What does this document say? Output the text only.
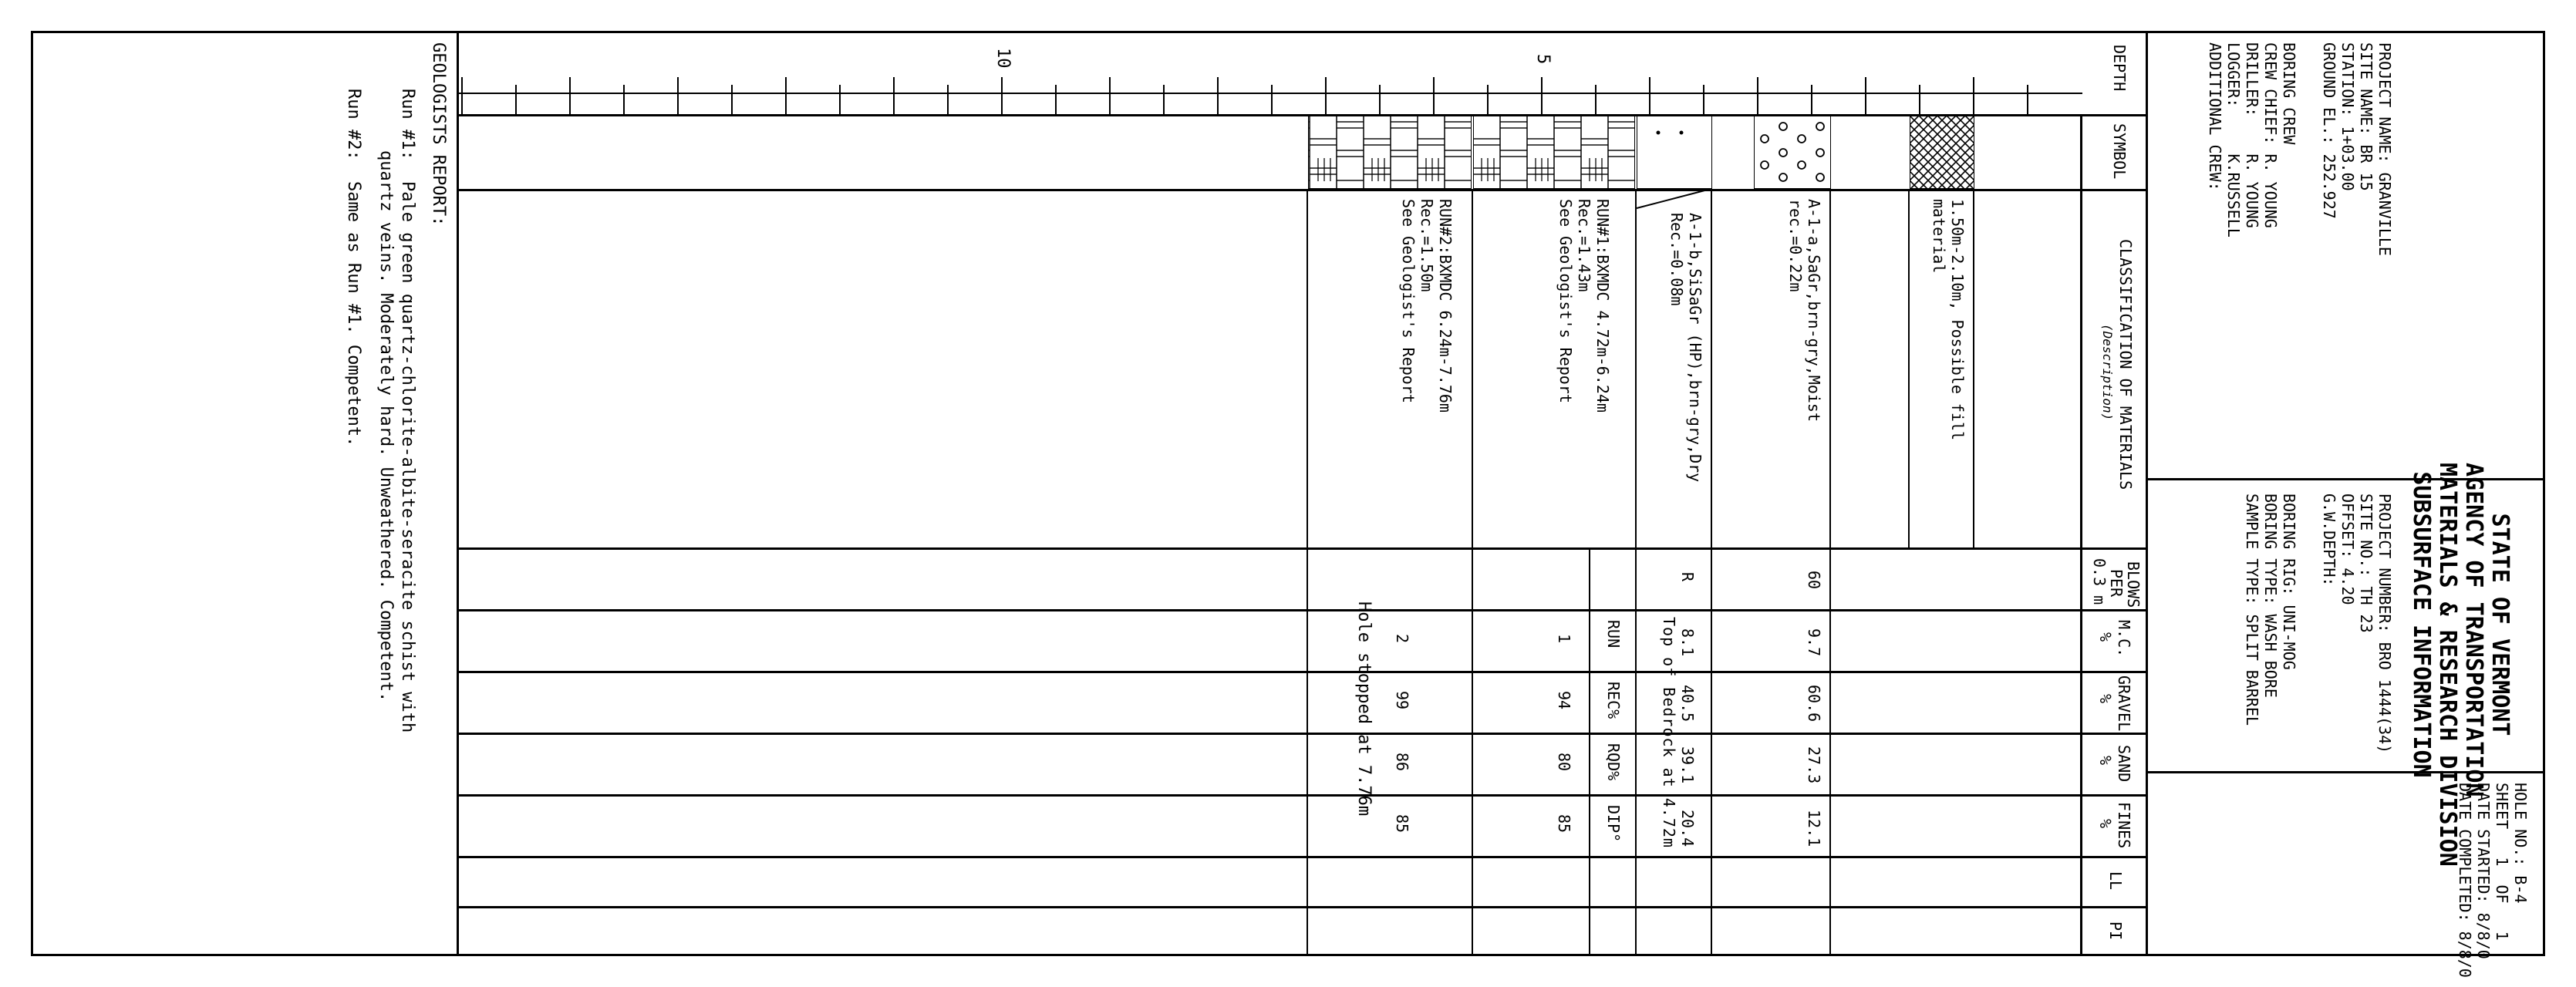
STATE OF VERMONT
AGENCY OF TRANSPORTATION
MATERIALS & RESEARCH DIVISION
SUBSURFACE INFORMATION
PROJECT NAME: GRANVILLE
SITE NAME: BR 15
STATION: 1+03.00
GROUND EL.: 252.927
BORING CREW
CREW CHIEF: R. YOUNG
DRILLER:    R. YOUNG
LOGGER:     K.RUSSELL
ADDITIONAL CREW:
HOLE NO.: B-4
SHEET   1  OF   1
DATE STARTED: 8/8/0
DATE COMPLETED: 8/8/0
PROJECT NUMBER: BRO 1444(34)
SITE NO.: TH 23
OFFSET: 4.20
G.W.DEPTH:
BORING RIG: UNI-MOG
BORING TYPE: WASH BORE
SAMPLE TYPE: SPLIT BARREL
DEPTH
SYMBOL
CLASSIFICATION OF MATERIALS
(Description)
BLOWS
PER
0.3 m
M.C.
%
GRAVEL
%
SAND
%
FINES
%
LL
PI
5
10
1.50m-2.10m, Possible fill
material
A-1-a,SaGr,brn-gry,Moist
rec.=0.22m
60
9.7
60.6
27.3
12.1
A-1-b,SiSaGr (HP),brn-gry,Dry
Rec.=0.08m
R
8.1
40.5
39.1
20.4
Top of Bedrock at 4.72m
RUN
REC%
RQD%
DIP°
RUN#1:BXMDC 4.72m-6.24m
Rec.=1.43m
See Geologist's Report
1
94
80
85
RUN#2:BXMDC 6.24m-7.76m
Rec.=1.50m
See Geologist's Report
2
99
86
85
Hole stopped at 7.76m
GEOLOGISTS REPORT:
Run #1:
Pale green quartz-chlorite-albite-seracite schist with
quartz veins. Moderately hard. Unweathered. Competent.
Run #2:
Same as Run #1. Competent.
